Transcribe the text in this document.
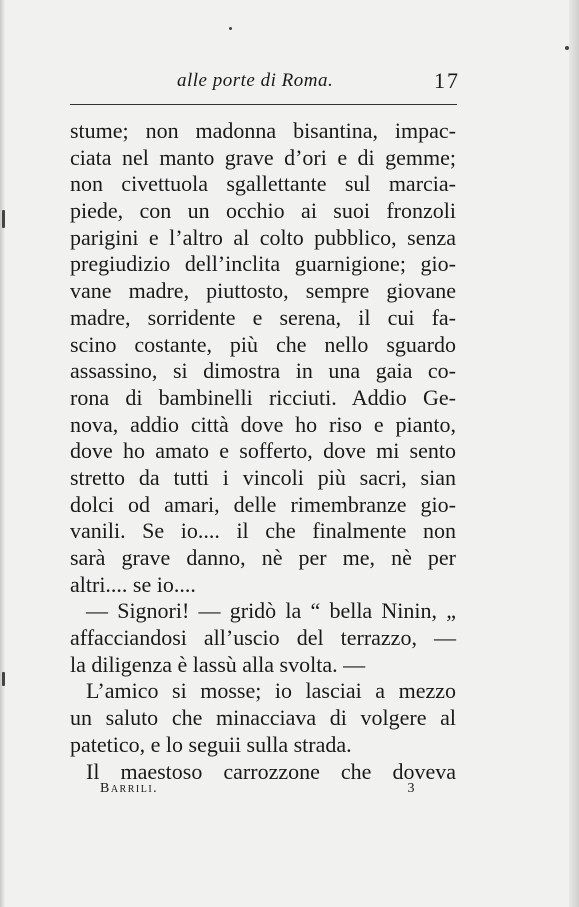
alle porte di Roma.	17
stume; non madonna bisantina, impac-
ciata nel manto grave d’ori e di gemme;
non civettuola sgallettante sul marcia-
piede, con un occhio ai suoi fronzoli
parigini e l’altro al colto pubblico, senza
pregiudizio dell’inclita guarnigione; gio-
vane madre, piuttosto, sempre giovane
madre, sorridente e serena, il cui fa-
scino costante, più che nello sguardo
assassino, si dimostra in una gaia co-
rona di bambinelli ricciuti. Addio Ge-
nova, addio città dove ho riso e pianto,
dove ho amato e sofferto, dove mi sento
stretto da tutti i vincoli più sacri, sian
dolci od amari, delle rimembranze gio-
vanili. Se io.... il che finalmente non
sarà grave danno, nè per me, nè per
altri.... se io....
— Signori! — gridò la “ bella Ninin, „
affacciandosi all’uscio del terrazzo, —
la diligenza è lassù alla svolta. —
L’amico si mosse; io lasciai a mezzo
un saluto che minacciava di volgere al
patetico, e lo seguii sulla strada.
Il maestoso carrozzone che doveva
Barrili.	3
